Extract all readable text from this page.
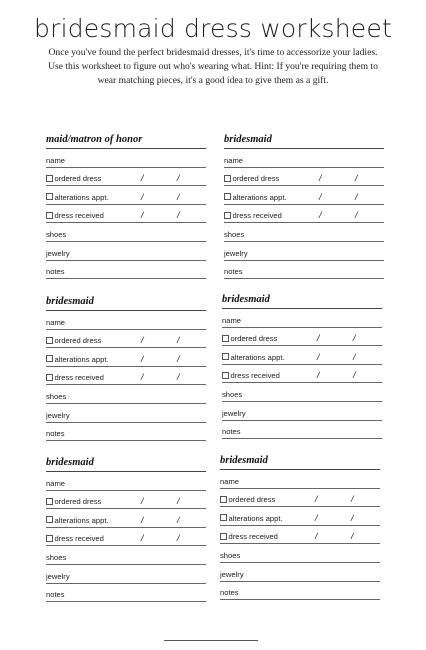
bridesmaid dress worksheet
Once you've found the perfect bridesmaid dresses, it's time to accessorize your ladies. Use this worksheet to figure out who's wearing what. Hint: If you're requiring them to wear matching pieces, it's a good idea to give them as a gift.
maid/matron of honor
name
ordered dress	/	/
alterations appt.	/	/
dress received	/	/
shoes
jewelry
notes
bridesmaid
name
ordered dress	/	/
alterations appt.	/	/
dress received	/	/
shoes
jewelry
notes
bridesmaid
name
ordered dress	/	/
alterations appt.	/	/
dress received	/	/
shoes
jewelry
notes
bridesmaid
name
ordered dress	/	/
alterations appt.	/	/
dress received	/	/
shoes
jewelry
notes
bridesmaid
name
ordered dress	/	/
alterations appt.	/	/
dress received	/	/
shoes
jewelry
notes
bridesmaid
name
ordered dress	/	/
alterations appt.	/	/
dress received	/	/
shoes
jewelry
notes
